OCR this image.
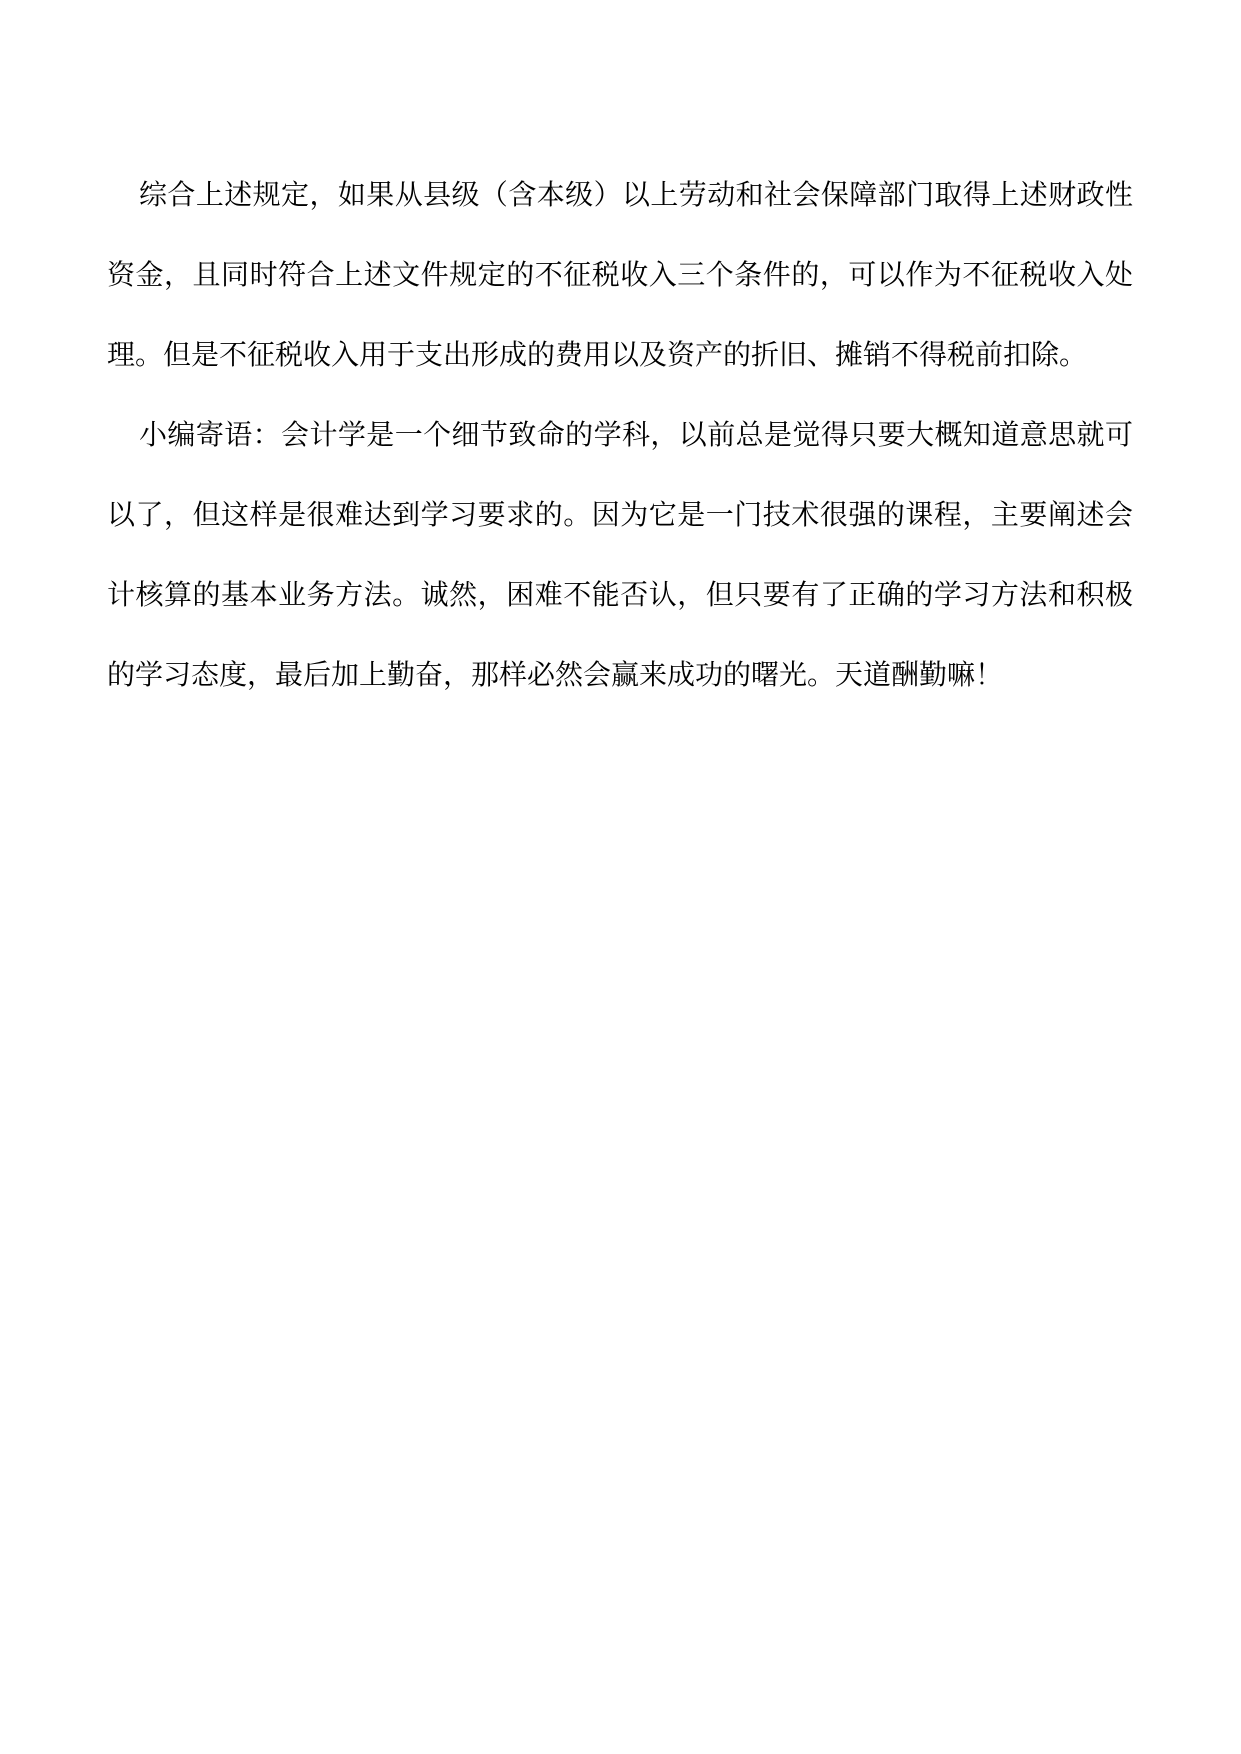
综合上述规定，如果从县级（含本级）以上劳动和社会保障部门取得上述财政性资金，且同时符合上述文件规定的不征税收入三个条件的，可以作为不征税收入处理。但是不征税收入用于支出形成的费用以及资产的折旧、摊销不得税前扣除。

小编寄语：会计学是一个细节致命的学科，以前总是觉得只要大概知道意思就可以了，但这样是很难达到学习要求的。因为它是一门技术很强的课程，主要阐述会计核算的基本业务方法。诚然，困难不能否认，但只要有了正确的学习方法和积极的学习态度，最后加上勤奋，那样必然会赢来成功的曙光。天道酬勤嘛！
